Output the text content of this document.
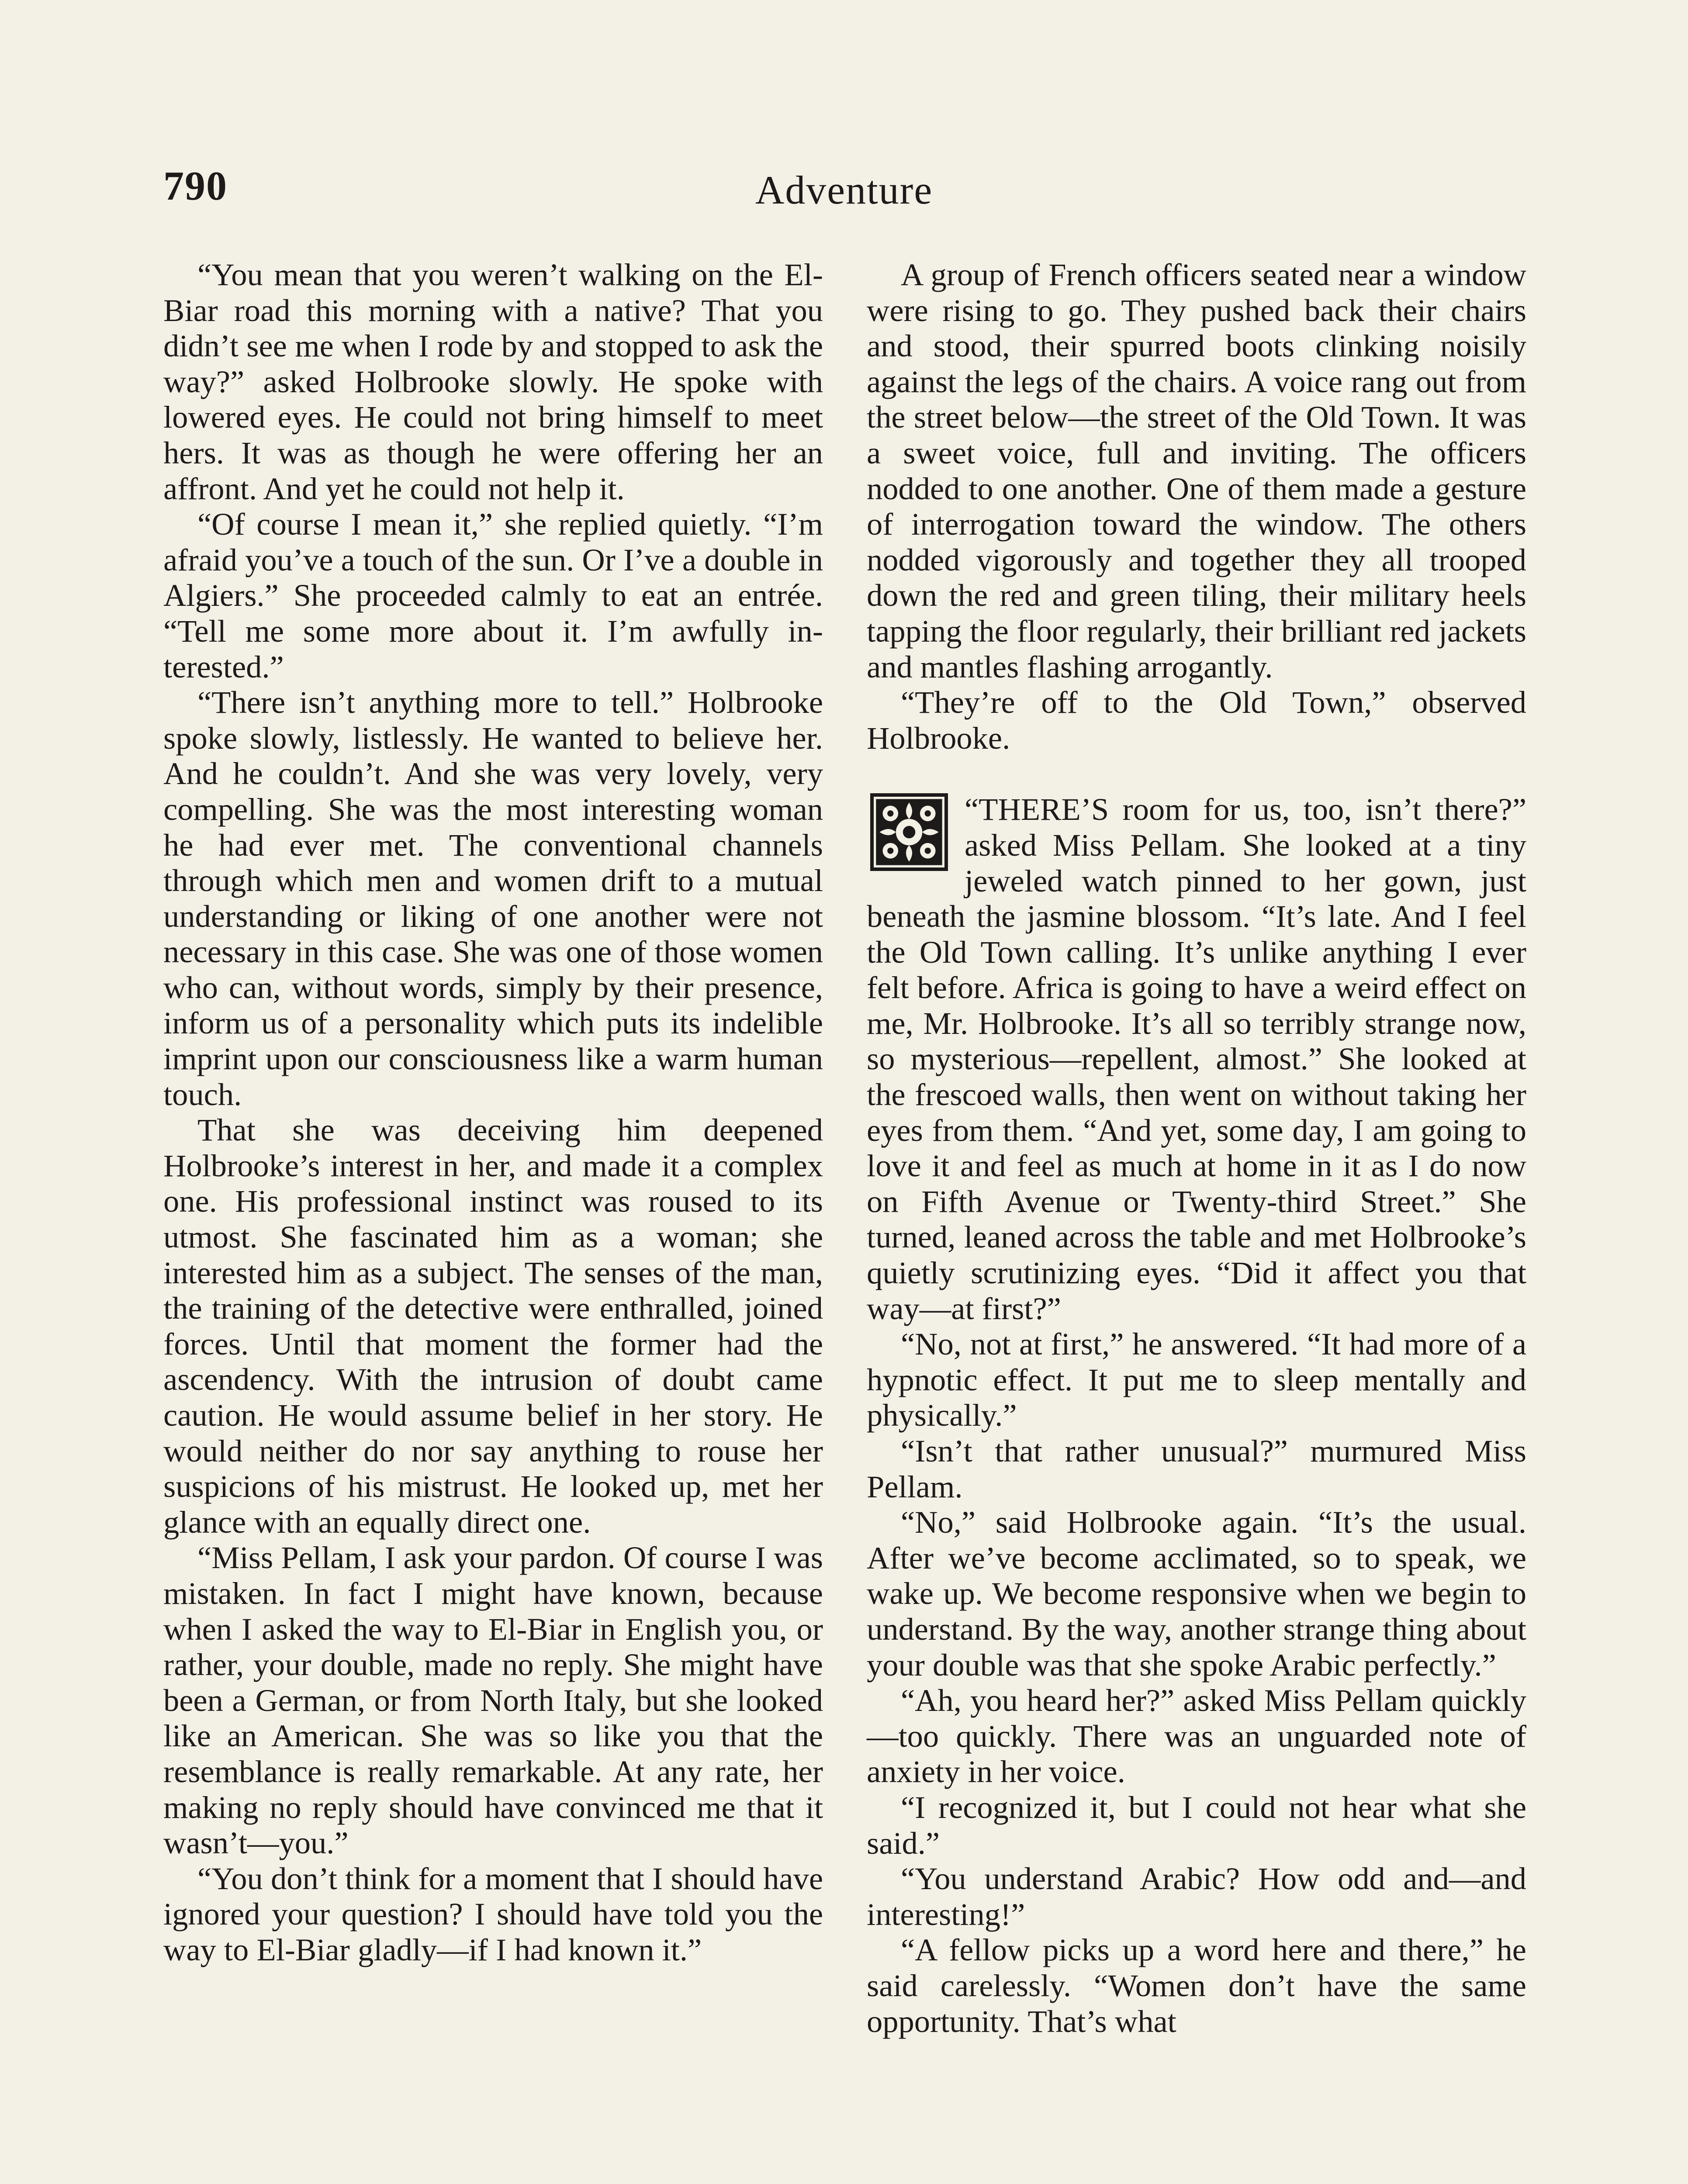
790	Adventure

“You mean that you weren’t walking on the El-Biar road this morning with a native? That you didn’t see me when I rode by and stopped to ask the way?” asked Holbrooke slowly. He spoke with lowered eyes. He could not bring himself to meet hers. It was as though he were offering her an affront. And yet he could not help it.

“Of course I mean it,” she replied quietly. “I’m afraid you’ve a touch of the sun. Or I’ve a double in Algiers.” She proceeded calmly to eat an entrée. “Tell me some more about it. I’m awfully interested.”

“There isn’t anything more to tell.” Holbrooke spoke slowly, listlessly. He wanted to believe her. And he couldn’t. And she was very lovely, very compelling. She was the most interesting woman he had ever met. The conventional channels through which men and women drift to a mutual understanding or liking of one another were not necessary in this case. She was one of those women who can, without words, simply by their presence, inform us of a personality which puts its indelible imprint upon our consciousness like a warm human touch.

That she was deceiving him deepened Holbrooke’s interest in her, and made it a complex one. His professional instinct was roused to its utmost. She fascinated him as a woman; she interested him as a subject. The senses of the man, the training of the detective were enthralled, joined forces. Until that moment the former had the ascendency. With the intrusion of doubt came caution. He would assume belief in her story. He would neither do nor say anything to rouse her suspicions of his mistrust. He looked up, met her glance with an equally direct one.

“Miss Pellam, I ask your pardon. Of course I was mistaken. In fact I might have known, because when I asked the way to El-Biar in English you, or rather, your double, made no reply. She might have been a German, or from North Italy, but she looked like an American. She was so like you that the resemblance is really remarkable. At any rate, her making no reply should have convinced me that it wasn’t—you.”

“You don’t think for a moment that I should have ignored your question? I should have told you the way to El-Biar gladly—if I had known it.”

A group of French officers seated near a window were rising to go. They pushed back their chairs and stood, their spurred boots clinking noisily against the legs of the chairs. A voice rang out from the street below—the street of the Old Town. It was a sweet voice, full and inviting. The officers nodded to one another. One of them made a gesture of interrogation toward the window. The others nodded vigorously and together they all trooped down the red and green tiling, their military heels tapping the floor regularly, their brilliant red jackets and mantles flashing arrogantly.

“They’re off to the Old Town,” observed Holbrooke.

“THERE’S room for us, too, isn’t there?” asked Miss Pellam. She looked at a tiny jeweled watch pinned to her gown, just beneath the jasmine blossom. “It’s late. And I feel the Old Town calling. It’s unlike anything I ever felt before. Africa is going to have a weird effect on me, Mr. Holbrooke. It’s all so terribly strange now, so mysterious—repellent, almost.” She looked at the frescoed walls, then went on without taking her eyes from them. “And yet, some day, I am going to love it and feel as much at home in it as I do now on Fifth Avenue or Twenty-third Street.” She turned, leaned across the table and met Holbrooke’s quietly scrutinizing eyes. “Did it affect you that way—at first?”

“No, not at first,” he answered. “It had more of a hypnotic effect. It put me to sleep mentally and physically.”

“Isn’t that rather unusual?” murmured Miss Pellam.

“No,” said Holbrooke again. “It’s the usual. After we’ve become acclimated, so to speak, we wake up. We become responsive when we begin to understand. By the way, another strange thing about your double was that she spoke Arabic perfectly.”

“Ah, you heard her?” asked Miss Pellam quickly—too quickly. There was an unguarded note of anxiety in her voice.

“I recognized it, but I could not hear what she said.”

“You understand Arabic? How odd and—and interesting!”

“A fellow picks up a word here and there,” he said carelessly. “Women don’t have the same opportunity. That’s what
